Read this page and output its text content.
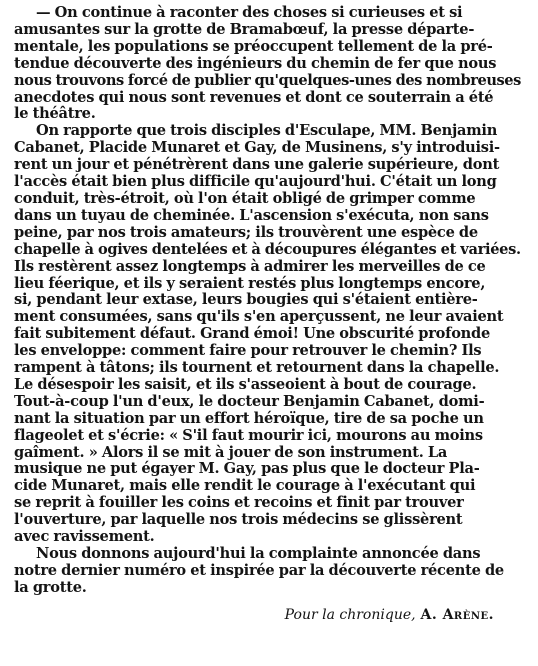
— On continue à raconter des choses si curieuses et si
amusantes sur la grotte de Bramabœuf, la presse départe-
mentale, les populations se préoccupent tellement de la pré-
tendue découverte des ingénieurs du chemin de fer que nous
nous trouvons forcé de publier qu'quelques-unes des nombreuses
anecdotes qui nous sont revenues et dont ce souterrain a été
le théâtre.

On rapporte que trois disciples d'Esculape, MM. Benjamin
Cabanet, Placide Munaret et Gay, de Musinens, s'y introduisi-
rent un jour et pénétrèrent dans une galerie supérieure, dont
l'accès était bien plus difficile qu'aujourd'hui. C'était un long
conduit, très-étroit, où l'on était obligé de grimper comme
dans un tuyau de cheminée. L'ascension s'exécuta, non sans
peine, par nos trois amateurs; ils trouvèrent une espèce de
chapelle à ogives dentelées et à découpures élégantes et variées.
Ils restèrent assez longtemps à admirer les merveilles de ce
lieu féerique, et ils y seraient restés plus longtemps encore,
si, pendant leur extase, leurs bougies qui s'étaient entière-
ment consumées, sans qu'ils s'en aperçussent, ne leur avaient
fait subitement défaut. Grand émoi! Une obscurité profonde
les enveloppe: comment faire pour retrouver le chemin? Ils
rampent à tâtons; ils tournent et retournent dans la chapelle.
Le désespoir les saisit, et ils s'asseoient à bout de courage.
Tout-à-coup l'un d'eux, le docteur Benjamin Cabanet, domi-
nant la situation par un effort héroïque, tire de sa poche un
flageolet et s'écrie: « S'il faut mourir ici, mourons au moins
gaîment. » Alors il se mit à jouer de son instrument. La
musique ne put égayer M. Gay, pas plus que le docteur Pla-
cide Munaret, mais elle rendit le courage à l'exécutant qui
se reprit à fouiller les coins et recoins et finit par trouver
l'ouverture, par laquelle nos trois médecins se glissèrent
avec ravissement.

Nous donnons aujourd'hui la complainte annoncée dans
notre dernier numéro et inspirée par la découverte récente de
la grotte.

Pour la chronique, A. Arène.
